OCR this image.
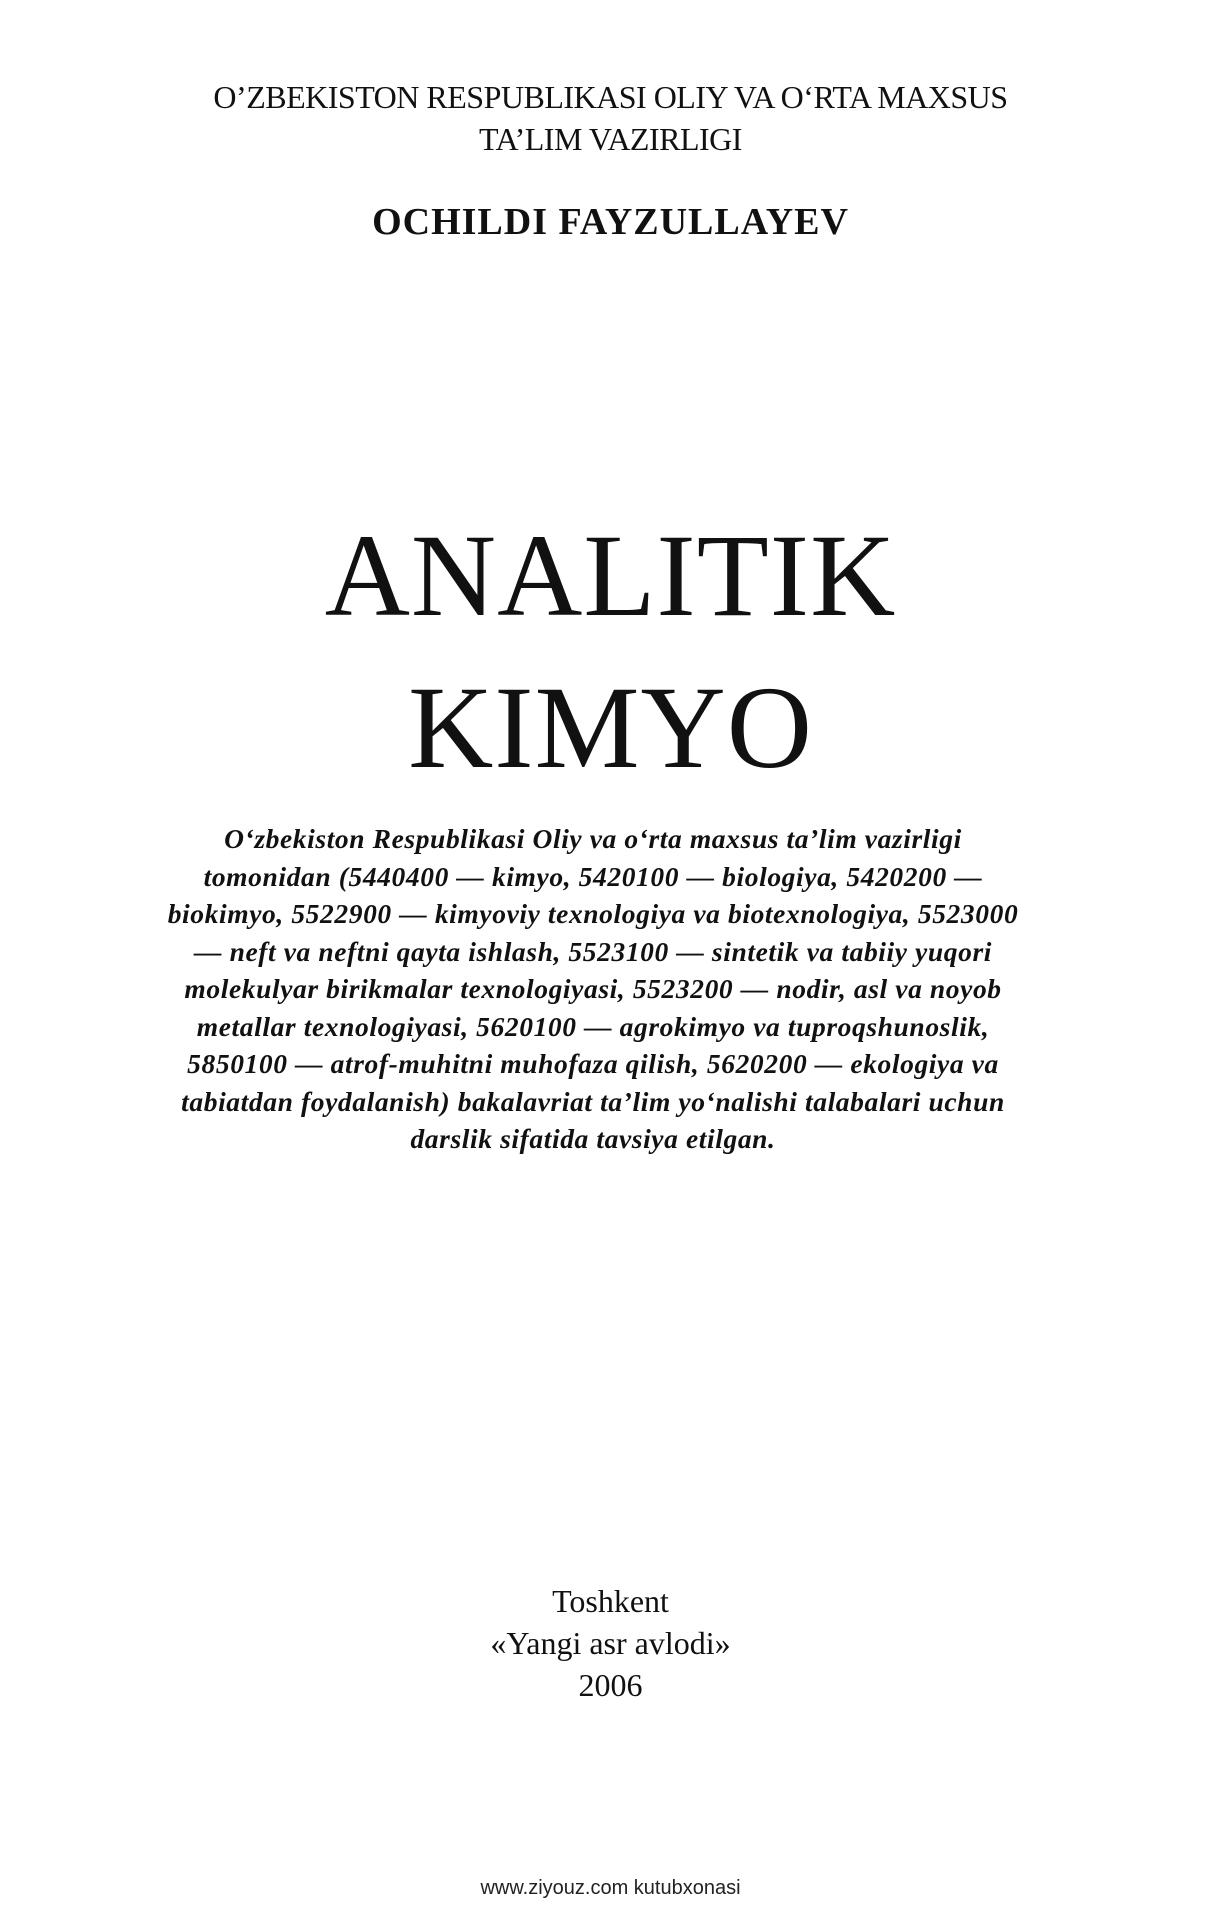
O’ZBEKISTON RESPUBLIKASI OLIY VA O‘RTA MAXSUS
TA’LIM VAZIRLIGI
OCHILDI FAYZULLAYEV
ANALITIK
KIMYO
O‘zbekiston Respublikasi Oliy va o‘rta maxsus ta’lim vazirligi
tomonidan (5440400 — kimyo, 5420100 — biologiya, 5420200 —
biokimyo, 5522900 — kimyoviy texnologiya va biotexnologiya, 5523000
— neft va neftni qayta ishlash, 5523100 — sintetik va tabiiy yuqori
molekulyar birikmalar texnologiyasi, 5523200 — nodir, asl va noyob
metallar texnologiyasi, 5620100 — agrokimyo va tuproqshunoslik,
5850100 — atrof-muhitni muhofaza qilish, 5620200 — ekologiya va
tabiatdan foydalanish) bakalavriat ta’lim yo‘nalishi talabalari uchun
darslik sifatida tavsiya etilgan.
Toshkent
«Yangi asr avlodi»
2006
www.ziyouz.com kutubxonasi
